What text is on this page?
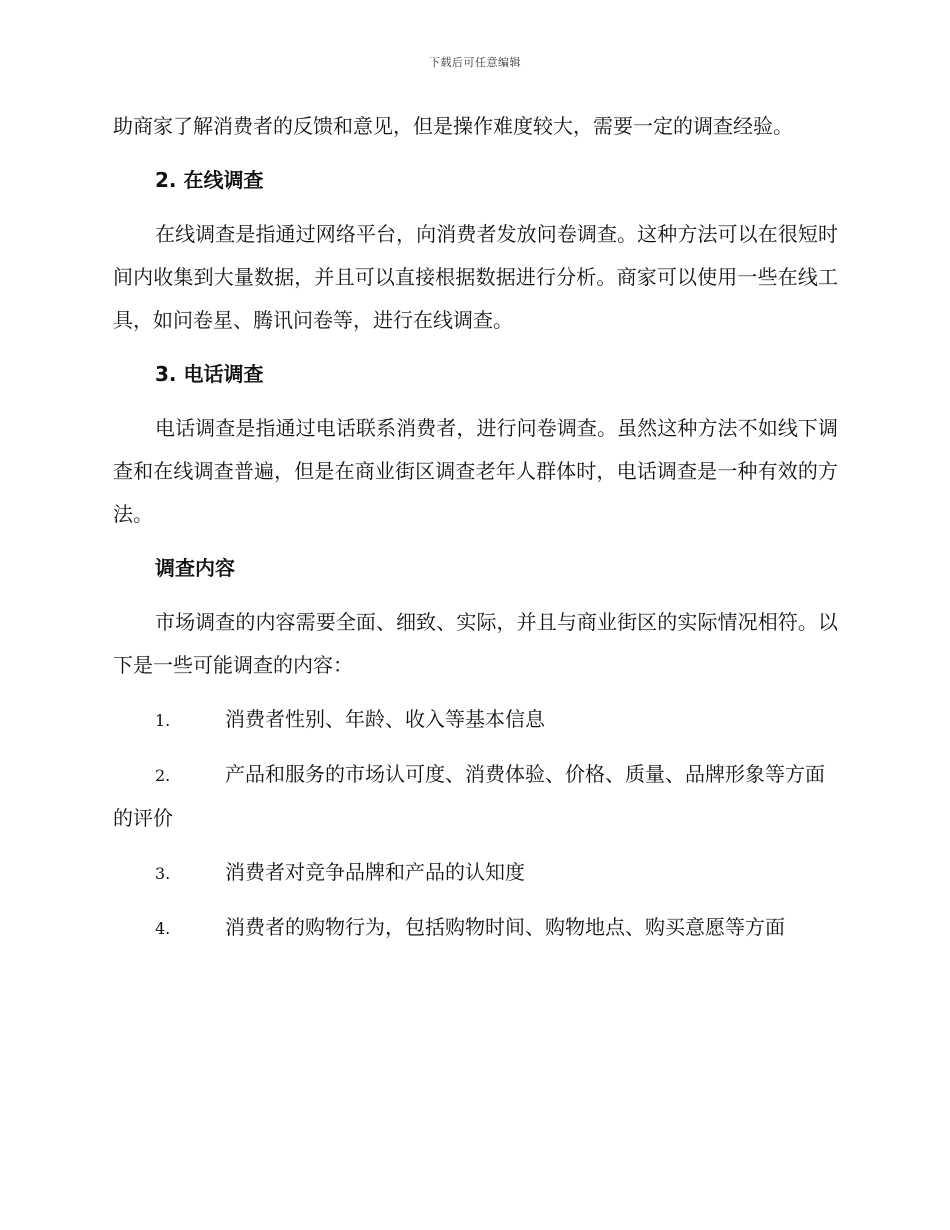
下载后可任意编辑

助商家了解消费者的反馈和意见，但是操作难度较大，需要一定的调查经验。

2. 在线调查

在线调查是指通过网络平台，向消费者发放问卷调查。这种方法可以在很短时间内收集到大量数据，并且可以直接根据数据进行分析。商家可以使用一些在线工具，如问卷星、腾讯问卷等，进行在线调查。

3. 电话调查

电话调查是指通过电话联系消费者，进行问卷调查。虽然这种方法不如线下调查和在线调查普遍，但是在商业街区调查老年人群体时，电话调查是一种有效的方法。

调查内容

市场调查的内容需要全面、细致、实际，并且与商业街区的实际情况相符。以下是一些可能调查的内容：

1.	消费者性别、年龄、收入等基本信息
2.	产品和服务的市场认可度、消费体验、价格、质量、品牌形象等方面的评价
3.	消费者对竞争品牌和产品的认知度
4.	消费者的购物行为，包括购物时间、购物地点、购买意愿等方面
